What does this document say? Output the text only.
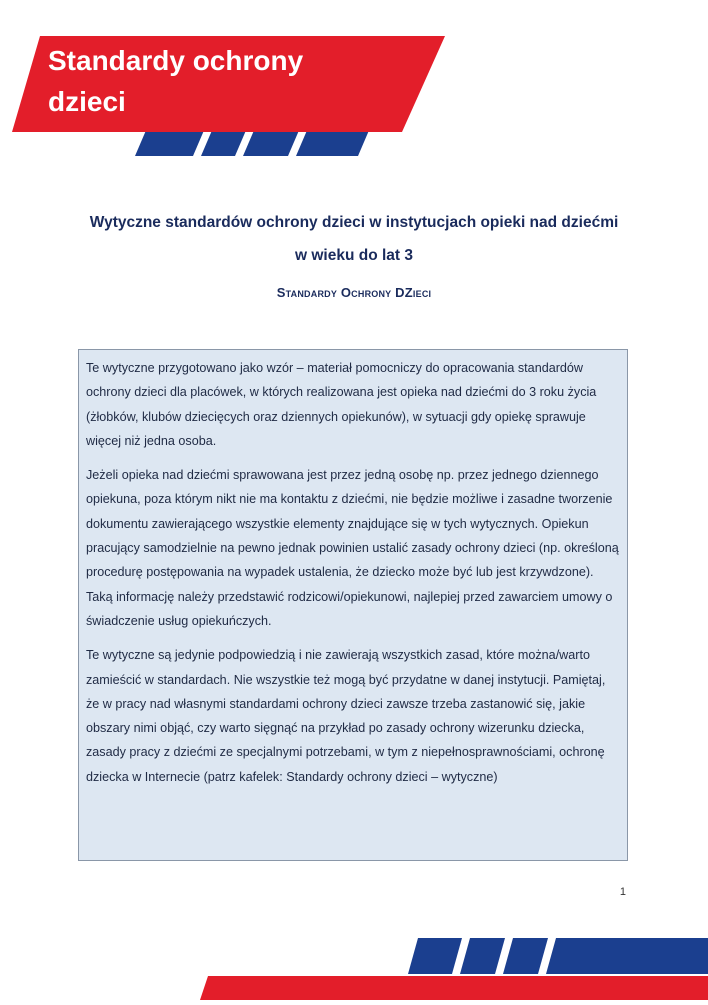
Standardy ochrony
dzieci
Wytyczne standardów ochrony dzieci w instytucjach opieki nad dziećmi
w wieku do lat 3
Standardy Ochrony DZieci

Te wytyczne przygotowano jako wzór – materiał pomocniczy do opracowania standardów ochrony dzieci dla placówek, w których realizowana jest opieka nad dziećmi do 3 roku życia (żłobków, klubów dziecięcych oraz dziennych opiekunów), w sytuacji gdy opiekę sprawuje więcej niż jedna osoba.

Jeżeli opieka nad dziećmi sprawowana jest przez jedną osobę np. przez jednego dziennego opiekuna, poza którym nikt nie ma kontaktu z dziećmi, nie będzie możliwe i zasadne tworzenie dokumentu zawierającego wszystkie elementy znajdujące się w tych wytycznych. Opiekun pracujący samodzielnie na pewno jednak powinien ustalić zasady ochrony dzieci (np. określoną procedurę postępowania na wypadek ustalenia, że dziecko może być lub jest krzywdzone). Taką informację należy przedstawić rodzicowi/opiekunowi, najlepiej przed zawarciem umowy o świadczenie usług opiekuńczych.

Te wytyczne są jedynie podpowiedzią i nie zawierają wszystkich zasad, które można/warto zamieścić w standardach. Nie wszystkie też mogą być przydatne w danej instytucji. Pamiętaj, że w pracy nad własnymi standardami ochrony dzieci zawsze trzeba zastanowić się, jakie obszary nimi objąć, czy warto sięgnąć na przykład po zasady ochrony wizerunku dziecka, zasady pracy z dziećmi ze specjalnymi potrzebami, w tym z niepełnosprawnościami, ochronę dziecka w Internecie (patrz kafelek: Standardy ochrony dzieci – wytyczne)

1
